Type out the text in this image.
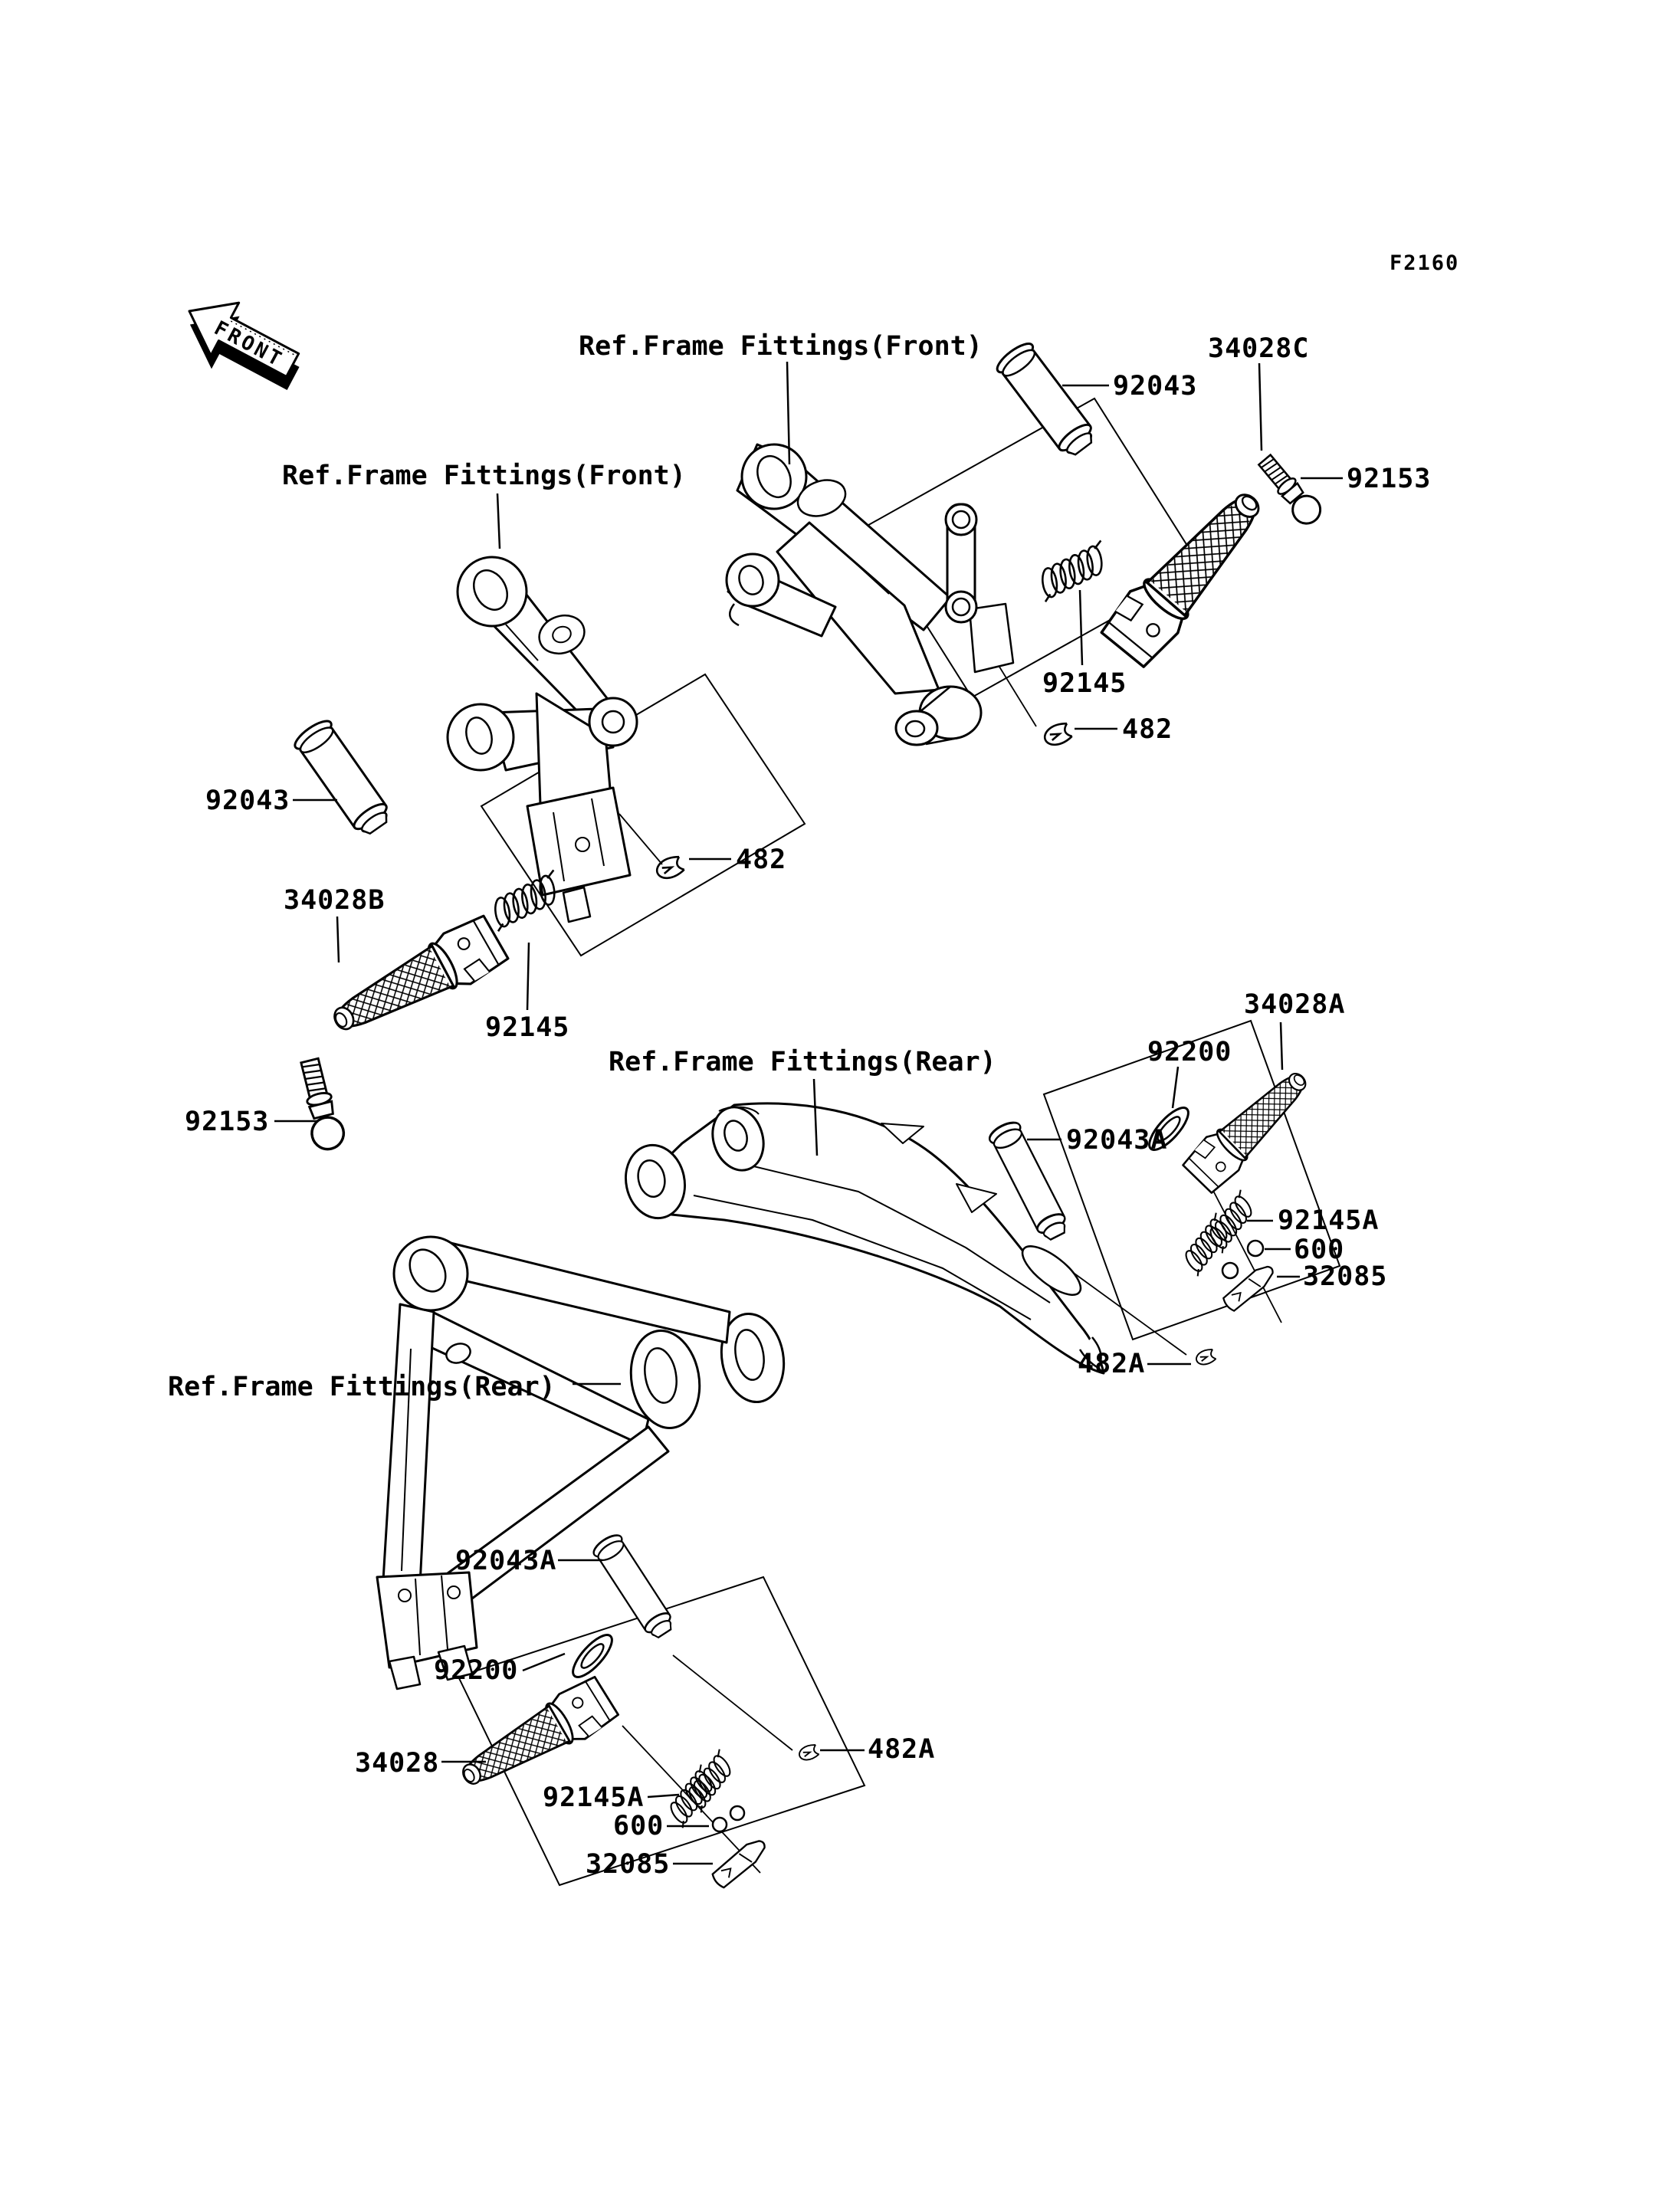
FRONT
F2160
Ref.Frame Fittings(Front)
92043
34028C
92153
92145
482
Ref.Frame Fittings(Front)
92043
34028B
92145
482
92153
Ref.Frame Fittings(Rear)
92043A
34028A
92200
92145A
600
32085
482A
Ref.Frame Fittings(Rear)
92043A
92200
34028
92145A
600
32085
482A
